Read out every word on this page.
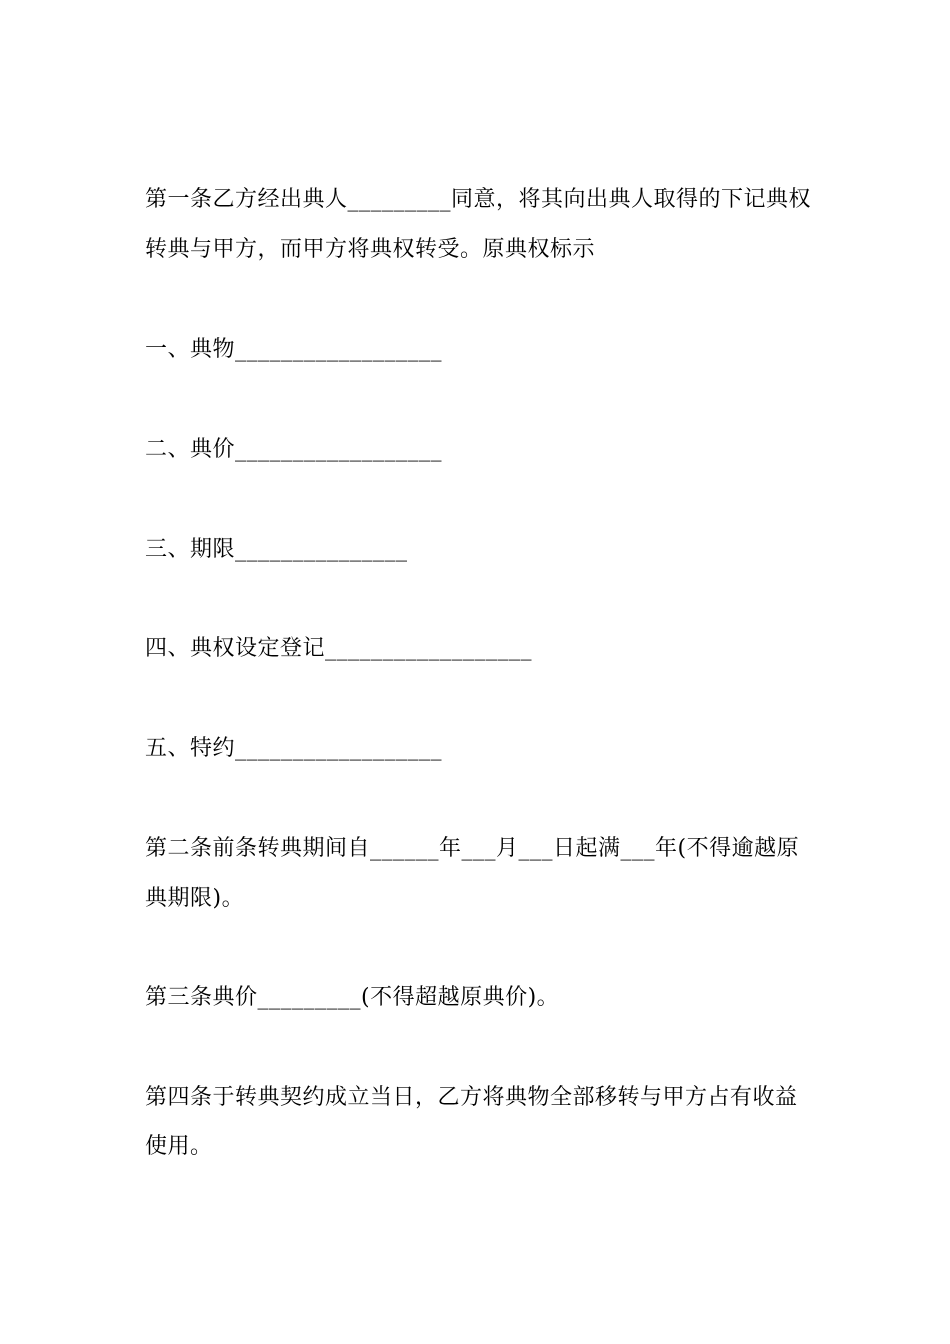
第一条乙方经出典人_________同意，将其向出典人取得的下记典权
转典与甲方，而甲方将典权转受。原典权标示
一、典物__________________
二、典价__________________
三、期限_______________
四、典权设定登记__________________
五、特约__________________
第二条前条转典期间自______年___月___日起满___年(不得逾越原
典期限)。
第三条典价_________(不得超越原典价)。
第四条于转典契约成立当日，乙方将典物全部移转与甲方占有收益
使用。
